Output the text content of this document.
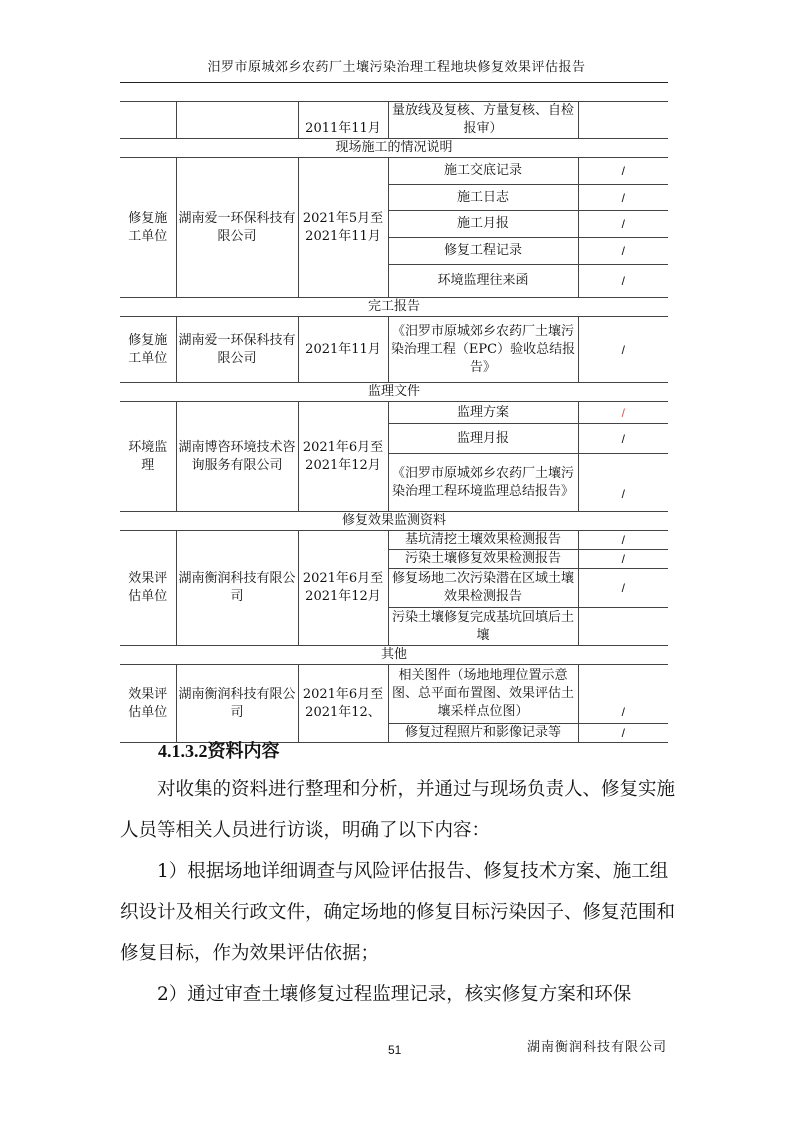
汨罗市原城郊乡农药厂土壤污染治理工程地块修复效果评估报告
		2011年11月	量放线及复核、方量复核、自检报审）	
现场施工的情况说明				
修复施工单位	湖南爱一环保科技有限公司	2021年5月至2021年11月	施工交底记录	/
			施工日志	/
			施工月报	/
			修复工程记录	/
			环境监理往来函	/
完工报告				
修复施工单位	湖南爱一环保科技有限公司	2021年11月	《汨罗市原城郊乡农药厂土壤污染治理工程（EPC）验收总结报告》	/
监理文件				
环境监理	湖南博咨环境技术咨询服务有限公司	2021年6月至2021年12月	监理方案	/
			监理月报	/
			《汨罗市原城郊乡农药厂土壤污染治理工程环境监理总结报告》	/
修复效果监测资料				
效果评估单位	湖南衡润科技有限公司	2021年6月至2021年12月	基坑清挖土壤效果检测报告	/
			污染土壤修复效果检测报告	/
			修复场地二次污染潜在区域土壤效果检测报告	/
			污染土壤修复完成基坑回填后土壤	
其他				
效果评估单位	湖南衡润科技有限公司	2021年6月至2021年12、	相关图件（场地地理位置示意图、总平面布置图、效果评估土壤采样点位图）	/
			修复过程照片和影像记录等	/
4.1.3.2资料内容
对收集的资料进行整理和分析，并通过与现场负责人、修复实施人员等相关人员进行访谈，明确了以下内容：
1）根据场地详细调查与风险评估报告、修复技术方案、施工组织设计及相关行政文件，确定场地的修复目标污染因子、修复范围和修复目标，作为效果评估依据；
2）通过审查土壤修复过程监理记录，核实修复方案和环保
51	湖南衡润科技有限公司
